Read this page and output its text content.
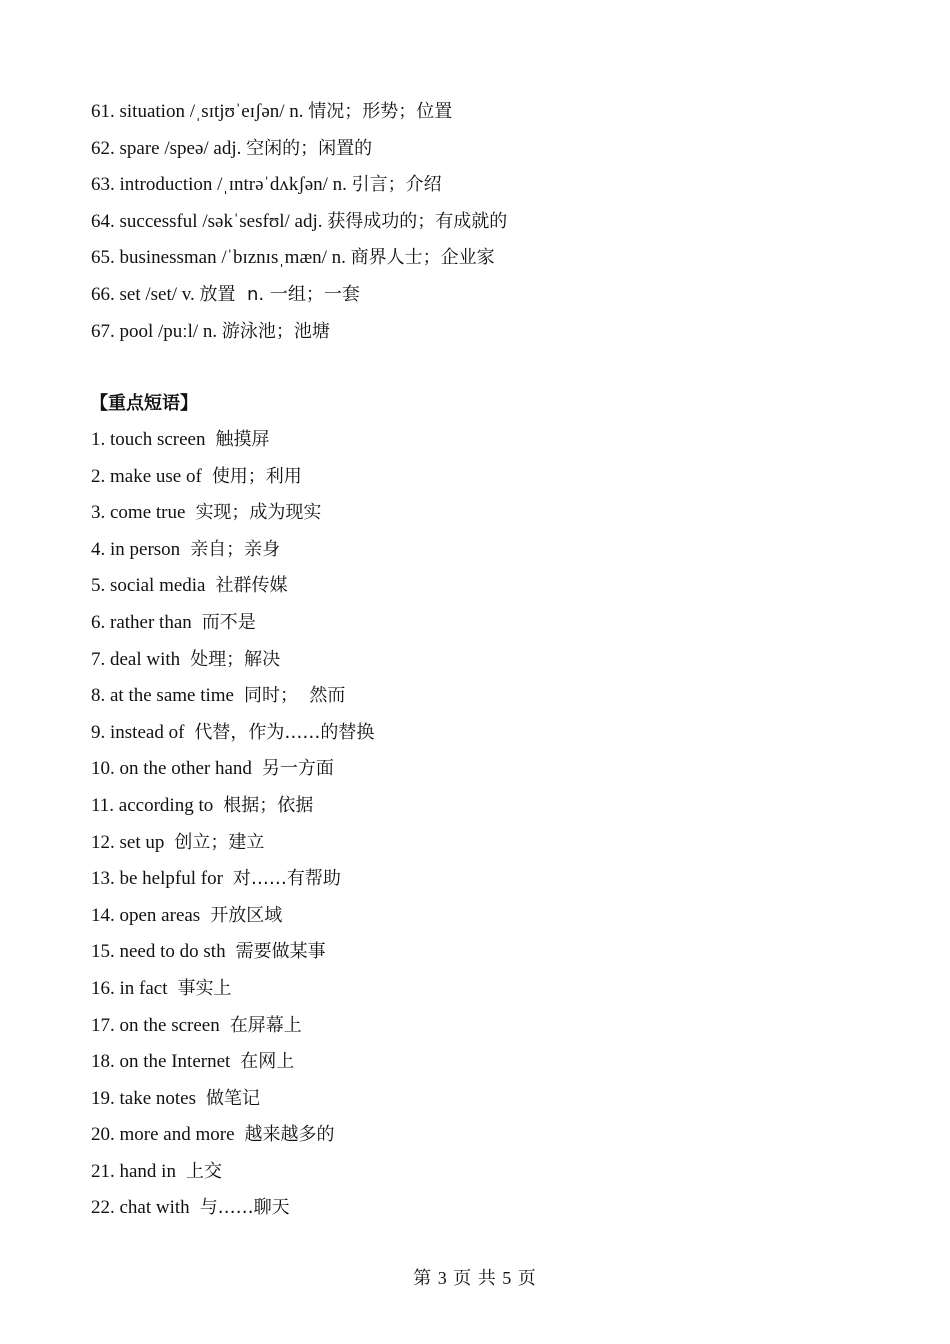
61. situation /ˌsɪtjʊˈeɪʃən/ n. 情况；形势；位置
62. spare /speə/ adj. 空闲的；闲置的
63. introduction /ˌɪntrəˈdʌkʃən/ n. 引言；介绍
64. successful /səkˈsesfʊl/ adj. 获得成功的；有成就的
65. businessman /ˈbɪznɪsˌmæn/ n. 商界人士；企业家
66. set /set/ v. 放置  n. 一组；一套
67. pool /puːl/ n. 游泳池；池塘
【重点短语】
1. touch screen 触摸屏
2. make use of 使用；利用
3. come true 实现；成为现实
4. in person 亲自；亲身
5. social media 社群传媒
6. rather than 而不是
7. deal with 处理；解决
8. at the same time 同时；  然而
9. instead of 代替，作为……的替换
10. on the other hand 另一方面
11. according to 根据；依据
12. set up 创立；建立
13. be helpful for 对……有帮助
14. open areas 开放区域
15. need to do sth 需要做某事
16. in fact 事实上
17. on the screen 在屏幕上
18. on the Internet 在网上
19. take notes 做笔记
20. more and more 越来越多的
21. hand in 上交
22. chat with 与……聊天
第 3 页 共 5 页
